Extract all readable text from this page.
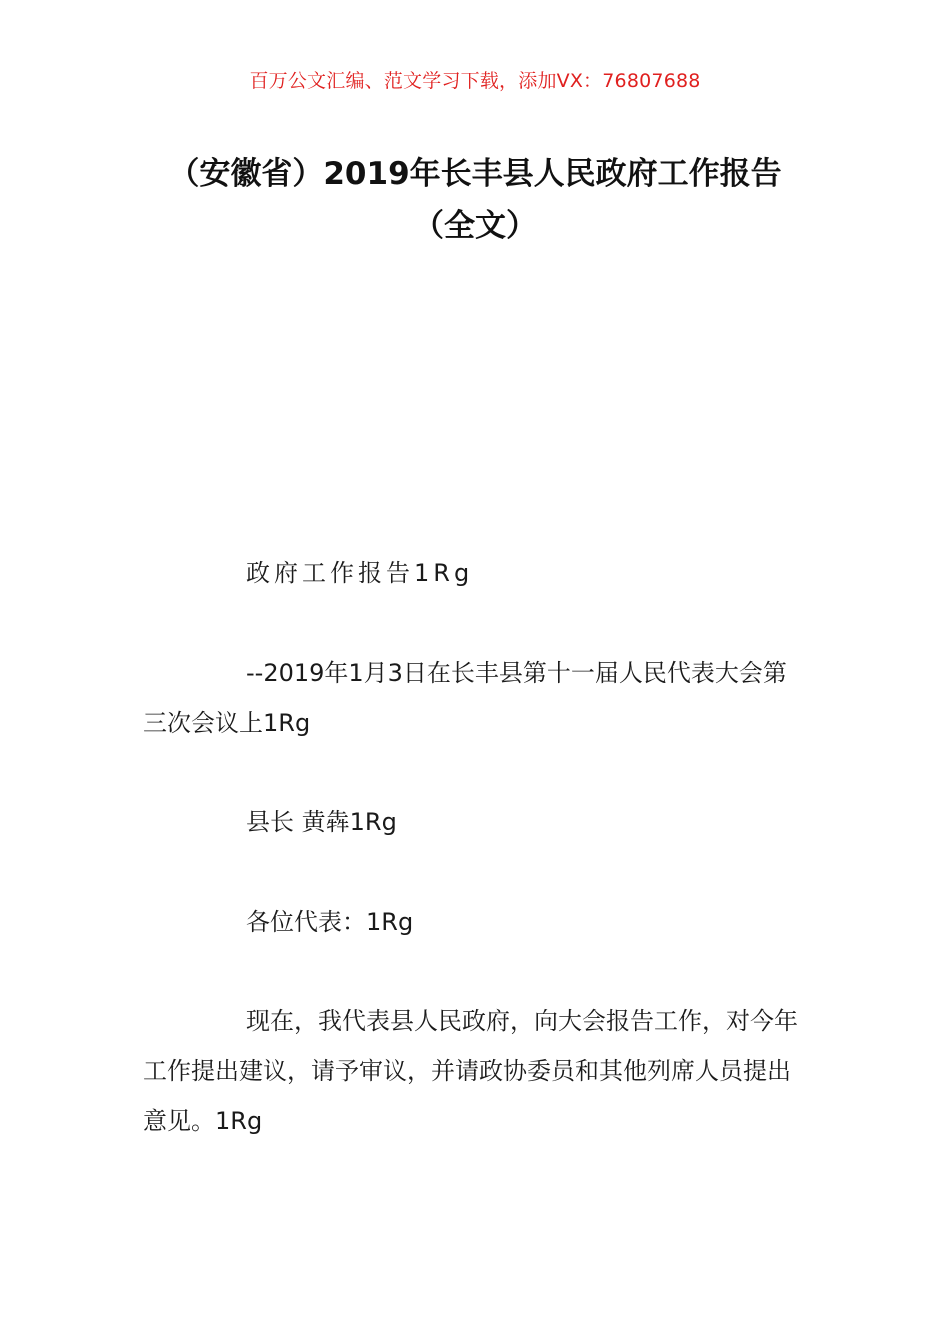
百万公文汇编、范文学习下载，添加VX：76807688
（安徽省）2019年长丰县人民政府工作报告（全文）

政府工作报告1Rg

--2019年1月3日在长丰县第十一届人民代表大会第三次会议上1Rg

县长 黄犇1Rg

各位代表：1Rg

现在，我代表县人民政府，向大会报告工作，对今年工作提出建议，请予审议，并请政协委员和其他列席人员提出意见。1Rg
